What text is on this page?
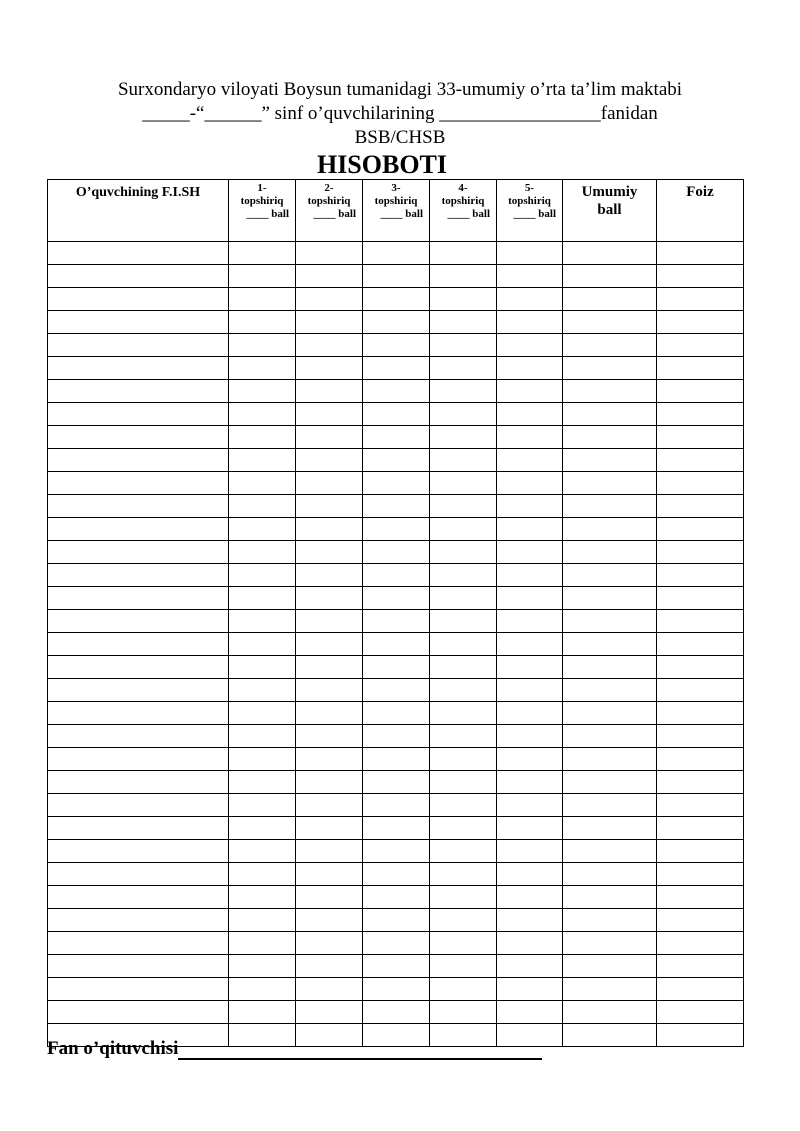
Surxondaryo viloyati Boysun tumanidagi 33-umumiy o’rta ta’lim maktabi
_____-“______” sinf o’quvchilarining _________________fanidan
BSB/CHSB
HISOBOTI
O’quvchining F.I.SH	1-
topshiriq

____ ball	2-
topshiriq

____ ball	3-
topshiriq

____ ball	4-
topshiriq

____ ball	5-
topshiriq

____ ball	Umumiy
ball	Foiz

Fan o’qituvchisi
